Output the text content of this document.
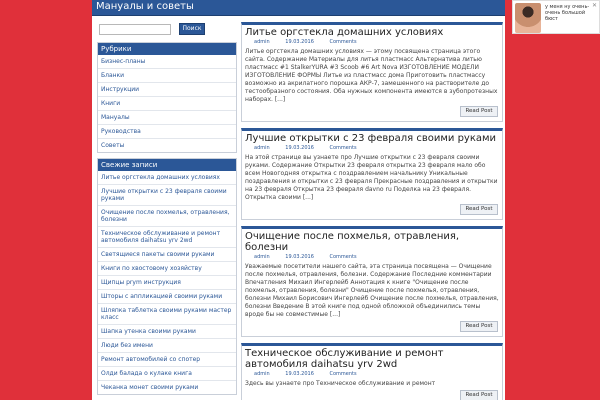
Мануалы и советы
Поиск
Рубрики
Бизнес-планы
Бланки
Инструкции
Книги
Мануалы
Руководства
Советы
Свежие записи
Литье оргстекла домашних условиях
Лучшие открытки с 23 февраля своими руками
Очищение после похмелья, отравления, болезни
Техническое обслуживание и ремонт автомобиля daihatsu yrv 2wd
Светящиеся пакеты своими руками
Книги по хвостовому хозяйству
Щипцы prym инструкция
Шторы с аппликацией своими руками
Шляпка таблетка своими руками мастер класс
Шапка утенка своими руками
Люди без имени
Ремонт автомобилей со спотер
Олди балада о кулаке книга
Чеканка монет своими руками
Литье оргстекла домашних условиях
admin	19.03.2016	Comments
Литье оргстекла домашних условиях — этому посвящена страница этого сайта. Содержание Материалы для литья пластмасс Альтернатива литью пластмасс #1 StalkerYURA #3 Scoob #6 Art Nova ИЗГОТОВЛЕНИЕ МОДЕЛИ ИЗГОТОВЛЕНИЕ ФОРМЫ Литье из пластмасс дома Приготовить пластмассу возможно из акрилатного порошка АКР-7, замешенного на растворителе до тестообразного состояния. Оба нужных компонента имеются в зубопротезных наборах. [...]
Read Post
Лучшие открытки с 23 февраля своими руками
admin	19.03.2016	Comments
На этой странице вы узнаете про Лучшие открытки с 23 февраля своими руками. Содержание Открытки 23 февраля открытка 23 февраля мало обо всем Новогодняя открытка с поздравлением начальнику Уникальные поздравления и открытки с 23 февраля Прекрасные поздравления и открытки на 23 февраля Открытка 23 февраля davno ru Поделка на 23 февраля. Открытка своими [...]
Read Post
Очищение после похмелья, отравления, болезни
admin	19.03.2016	Comments
Уважаемые посетители нашего сайта, эта страница посвящена — Очищение после похмелья, отравления, болезни. Содержание Последние комментарии Впечатления Михаил Ингерлейб Аннотация к книге "Очищение после похмелья, отравления, болезни" Очищение после похмелья, отравления, болезни Михаил Борисович Ингерлейб Очищение после похмелья, отравления, болезни Введение В этой книге под одной обложкой объединились темы вроде бы не совместимые [...]
Read Post
Техническое обслуживание и ремонт автомобиля daihatsu yrv 2wd
admin	19.03.2016	Comments
Здесь вы узнаете про Техническое обслуживание и ремонт
Read Post
у меня ну очень-очень большой бюст
✕
